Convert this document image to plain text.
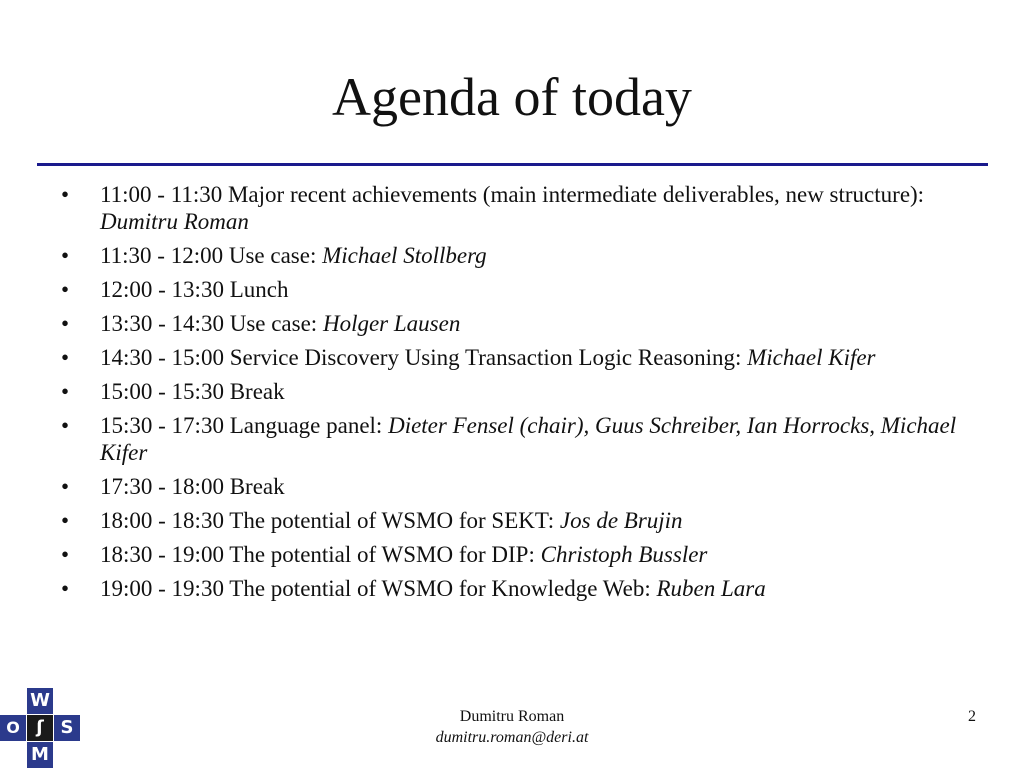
Agenda of today
• 11:00 - 11:30 Major recent achievements (main intermediate deliverables, new structure): Dumitru Roman
• 11:30 - 12:00 Use case: Michael Stollberg
• 12:00 - 13:30 Lunch
• 13:30 - 14:30 Use case: Holger Lausen
• 14:30 - 15:00 Service Discovery Using Transaction Logic Reasoning: Michael Kifer
• 15:00 - 15:30 Break
• 15:30 - 17:30 Language panel: Dieter Fensel (chair), Guus Schreiber, Ian Horrocks, Michael Kifer
• 17:30 - 18:00 Break
• 18:00 - 18:30 The potential of WSMO for SEKT: Jos de Brujin
• 18:30 - 19:00 The potential of WSMO for DIP: Christoph Bussler
• 19:00 - 19:30 The potential of WSMO for Knowledge Web: Ruben Lara
W
O ʃ S
M
Dumitru Roman
dumitru.roman@deri.at
2
